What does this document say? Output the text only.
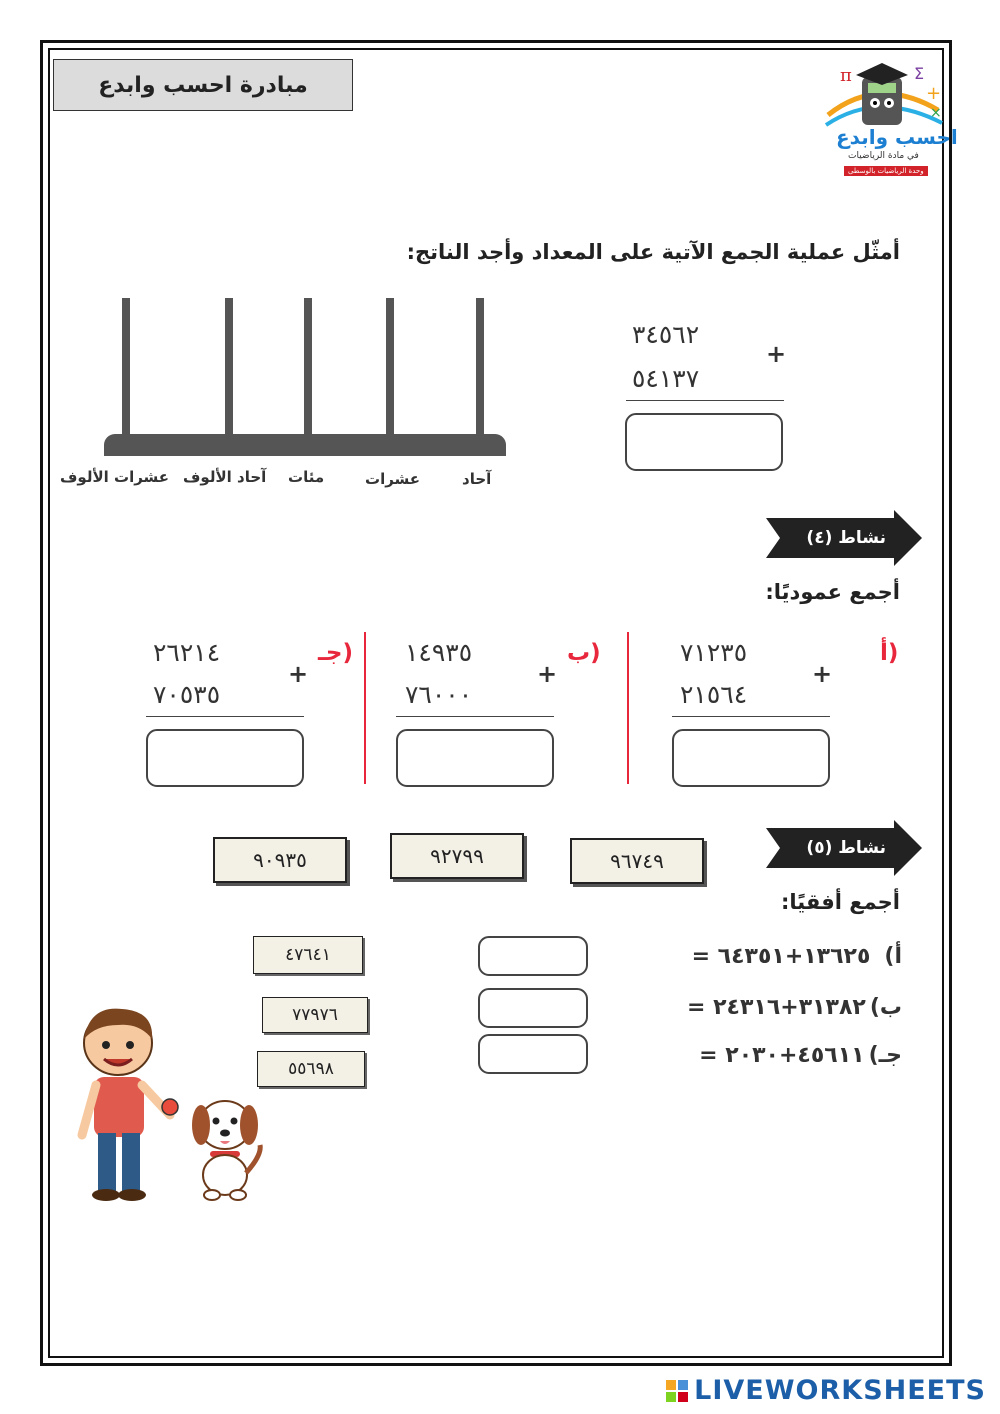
مبادرة احسب وابدع	π	Σ
+
×
احسب وابدع
في مادة الرياضيات
وحدة الرياضيات بالوسطى
أمثّل عملية الجمع الآتية على المعداد وأجد الناتج:
آحاد
عشرات
مئات
آحاد الألوف
عشرات الألوف
٣٤٥٦٢
٥٤١٣٧
+
نشاط (٤)
أجمع عموديًا:
أ)
٧١٢٣٥
٢١٥٦٤
+
ب)
١٤٩٣٥
٧٦٠٠٠
+
جـ)
٢٦٢١٤
٧٠٥٣٥
+
٩٦٧٤٩
٩٢٧٩٩
٩٠٩٣٥	نشاط (٥)
أجمع أفقيًا:
أ)
١٣٦٢٥+٦٤٣٥١ =
ب)
٣١٣٨٢+٢٤٣١٦ =
جـ)
٤٥٦١١+٢٠٣٠ =
٤٧٦٤١
٧٧٩٧٦
٥٥٦٩٨
LIVEWORKSHEETS
